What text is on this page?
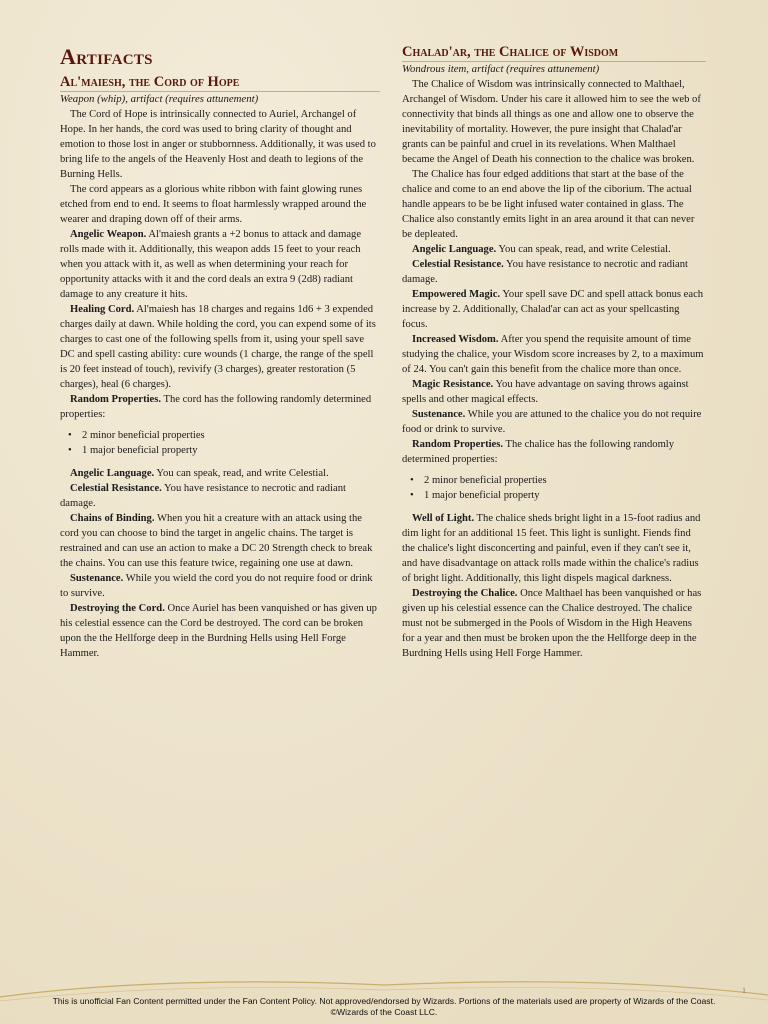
Artifacts
Al'maiesh, the Cord of Hope
Weapon (whip), artifact (requires attunement)

The Cord of Hope is intrinsically connected to Auriel, Archangel of Hope. In her hands, the cord was used to bring clarity of thought and emotion to those lost in anger or stubbornness. Additionally, it was used to bring life to the angels of the Heavenly Host and death to legions of the Burning Hells.

The cord appears as a glorious white ribbon with faint glowing runes etched from end to end. It seems to float harmlessly wrapped around the wearer and draping down off of their arms.

Angelic Weapon. Al'maiesh grants a +2 bonus to attack and damage rolls made with it. Additionally, this weapon adds 15 feet to your reach when you attack with it, as well as when determining your reach for opportunity attacks with it and the cord deals an extra 9 (2d8) radiant damage to any creature it hits.

Healing Cord. Al'maiesh has 18 charges and regains 1d6 + 3 expended charges daily at dawn. While holding the cord, you can expend some of its charges to cast one of the following spells from it, using your spell save DC and spell casting ability: cure wounds (1 charge, the range of the spell is 20 feet instead of touch), revivify (3 charges), greater restoration (5 charges), heal (6 charges).

Random Properties. The cord has the following randomly determined properties:

• 2 minor beneficial properties
• 1 major beneficial property

Angelic Language. You can speak, read, and write Celestial.

Celestial Resistance. You have resistance to necrotic and radiant damage.

Chains of Binding. When you hit a creature with an attack using the cord you can choose to bind the target in angelic chains. The target is restrained and can use an action to make a DC 20 Strength check to break the chains. You can use this feature twice, regaining one use at dawn.

Sustenance. While you wield the cord you do not require food or drink to survive.

Destroying the Cord. Once Auriel has been vanquished or has given up his celestial essence can the Cord be destroyed. The cord can be broken upon the the Hellforge deep in the Burdning Hells using Hell Forge Hammer.

Chalad'ar, the Chalice of Wisdom
Wondrous item, artifact (requires attunement)

The Chalice of Wisdom was intrinsically connected to Malthael, Archangel of Wisdom. Under his care it allowed him to see the web of connectivity that binds all things as one and allow one to observe the inevitability of mortality. However, the pure insight that Chalad'ar grants can be painful and cruel in its revelations. When Malthael became the Angel of Death his connection to the chalice was broken.

The Chalice has four edged additions that start at the base of the chalice and come to an end above the lip of the ciborium. The actual handle appears to be be light infused water contained in glass. The Chalice also constantly emits light in an area around it that can never be depleated.

Angelic Language. You can speak, read, and write Celestial.

Celestial Resistance. You have resistance to necrotic and radiant damage.

Empowered Magic. Your spell save DC and spell attack bonus each increase by 2. Additionally, Chalad'ar can act as your spellcasting focus.

Increased Wisdom. After you spend the requisite amount of time studying the chalice, your Wisdom score increases by 2, to a maximum of 24. You can't gain this benefit from the chalice more than once.

Magic Resistance. You have advantage on saving throws against spells and other magical effects.

Sustenance. While you are attuned to the chalice you do not require food or drink to survive.

Random Properties. The chalice has the following randomly determined properties:

• 2 minor beneficial properties
• 1 major beneficial property

Well of Light. The chalice sheds bright light in a 15-foot radius and dim light for an additional 15 feet. This light is sunlight. Fiends find the chalice's light disconcerting and painful, even if they can't see it, and have disadvantage on attack rolls made within the chalice's radius of bright light. Additionally, this light dispels magical darkness.

Destroying the Chalice. Once Malthael has been vanquished or has given up his celestial essence can the Chalice destroyed. The chalice must not be submerged in the Pools of Wisdom in the High Heavens for a year and then must be broken upon the the Hellforge deep in the Burdning Hells using Hell Forge Hammer.

This is unofficial Fan Content permitted under the Fan Content Policy. Not approved/endorsed by Wizards. Portions of the materials used are property of Wizards of the Coast. ©Wizards of the Coast LLC.
1
